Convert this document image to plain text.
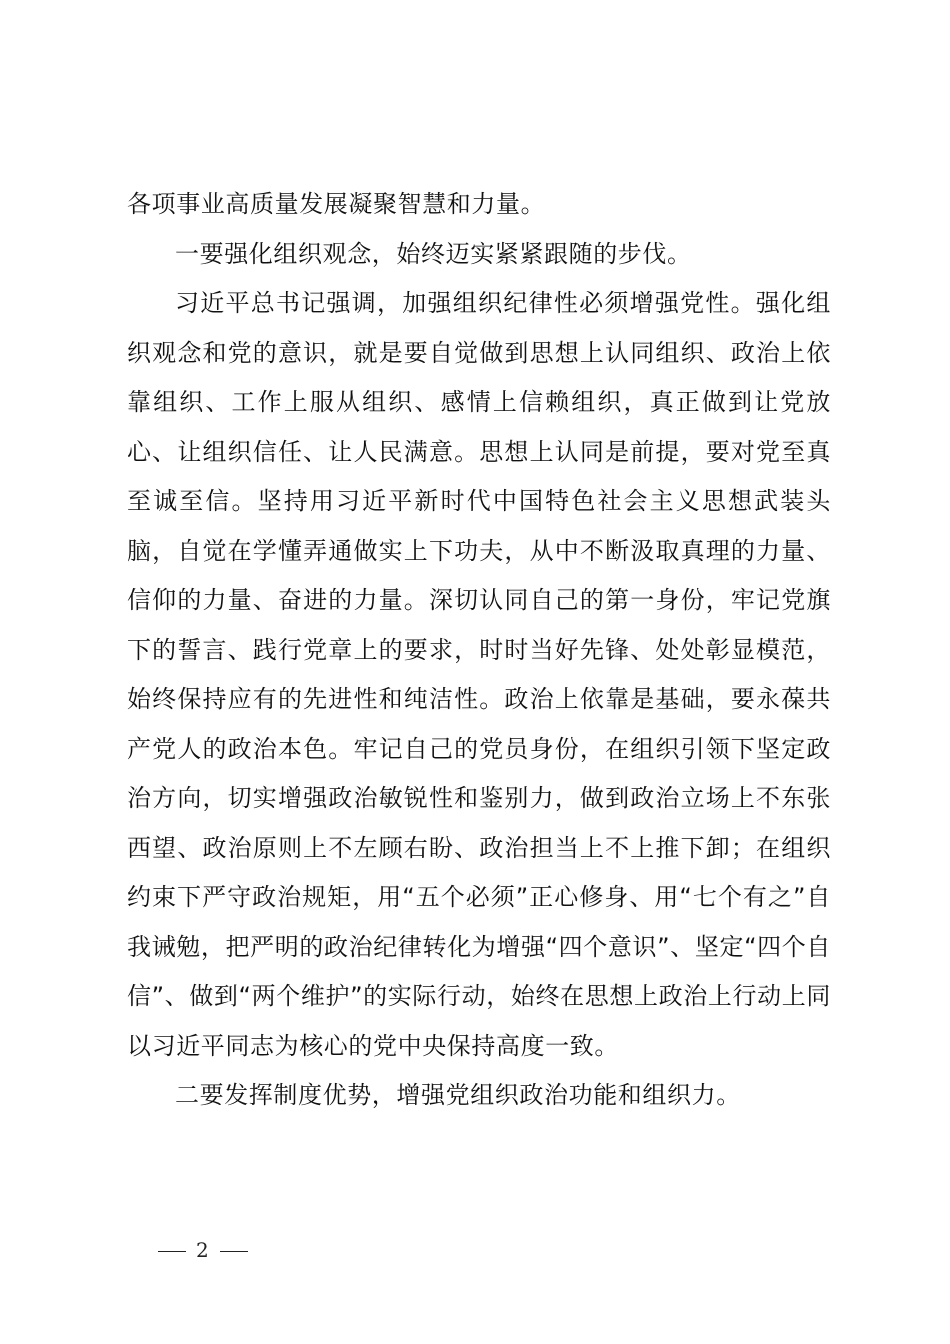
各项事业高质量发展凝聚智慧和力量。

一要强化组织观念，始终迈实紧紧跟随的步伐。

习近平总书记强调，加强组织纪律性必须增强党性。强化组织观念和党的意识，就是要自觉做到思想上认同组织、政治上依靠组织、工作上服从组织、感情上信赖组织，真正做到让党放心、让组织信任、让人民满意。思想上认同是前提，要对党至真至诚至信。坚持用习近平新时代中国特色社会主义思想武装头脑，自觉在学懂弄通做实上下功夫，从中不断汲取真理的力量、信仰的力量、奋进的力量。深切认同自己的第一身份，牢记党旗下的誓言、践行党章上的要求，时时当好先锋、处处彰显模范，始终保持应有的先进性和纯洁性。政治上依靠是基础，要永葆共产党人的政治本色。牢记自己的党员身份，在组织引领下坚定政治方向，切实增强政治敏锐性和鉴别力，做到政治立场上不东张西望、政治原则上不左顾右盼、政治担当上不上推下卸；在组织约束下严守政治规矩，用“五个必须”正心修身、用“七个有之”自我诫勉，把严明的政治纪律转化为增强“四个意识”、坚定“四个自信”、做到“两个维护”的实际行动，始终在思想上政治上行动上同以习近平同志为核心的党中央保持高度一致。

二要发挥制度优势，增强党组织政治功能和组织力。

2
